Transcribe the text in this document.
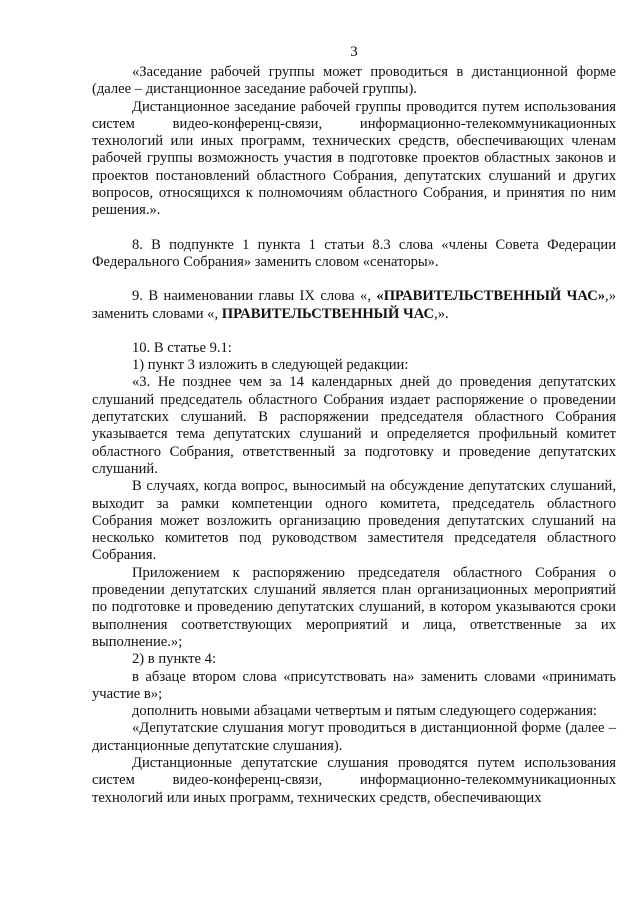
3

«Заседание рабочей группы может проводиться в дистанционной форме (далее – дистанционное заседание рабочей группы).

Дистанционное заседание рабочей группы проводится путем использования систем видео-конференц-связи, информационно-телекоммуникационных технологий или иных программ, технических средств, обеспечивающих членам рабочей группы возможность участия в подготовке проектов областных законов и проектов постановлений областного Собрания, депутатских слушаний и других вопросов, относящихся к полномочиям областного Собрания, и принятия по ним решения.».

8. В подпункте 1 пункта 1 статьи 8.3 слова «члены Совета Федерации Федерального Собрания» заменить словом «сенаторы».

9. В наименовании главы IX слова «, «ПРАВИТЕЛЬСТВЕННЫЙ ЧАС»,» заменить словами «, ПРАВИТЕЛЬСТВЕННЫЙ ЧАС,».

10. В статье 9.1:

1) пункт 3 изложить в следующей редакции:

«3. Не позднее чем за 14 календарных дней до проведения депутатских слушаний председатель областного Собрания издает распоряжение о проведении депутатских слушаний. В распоряжении председателя областного Собрания указывается тема депутатских слушаний и определяется профильный комитет областного Собрания, ответственный за подготовку и проведение депутатских слушаний.

В случаях, когда вопрос, выносимый на обсуждение депутатских слушаний, выходит за рамки компетенции одного комитета, председатель областного Собрания может возложить организацию проведения депутатских слушаний на несколько комитетов под руководством заместителя председателя областного Собрания.

Приложением к распоряжению председателя областного Собрания о проведении депутатских слушаний является план организационных мероприятий по подготовке и проведению депутатских слушаний, в котором указываются сроки выполнения соответствующих мероприятий и лица, ответственные за их выполнение.»;

2) в пункте 4:

в абзаце втором слова «присутствовать на» заменить словами «принимать участие в»;

дополнить новыми абзацами четвертым и пятым следующего содержания:

«Депутатские слушания могут проводиться в дистанционной форме (далее – дистанционные депутатские слушания).

Дистанционные депутатские слушания проводятся путем использования систем видео-конференц-связи, информационно-телекоммуникационных технологий или иных программ, технических средств, обеспечивающих
